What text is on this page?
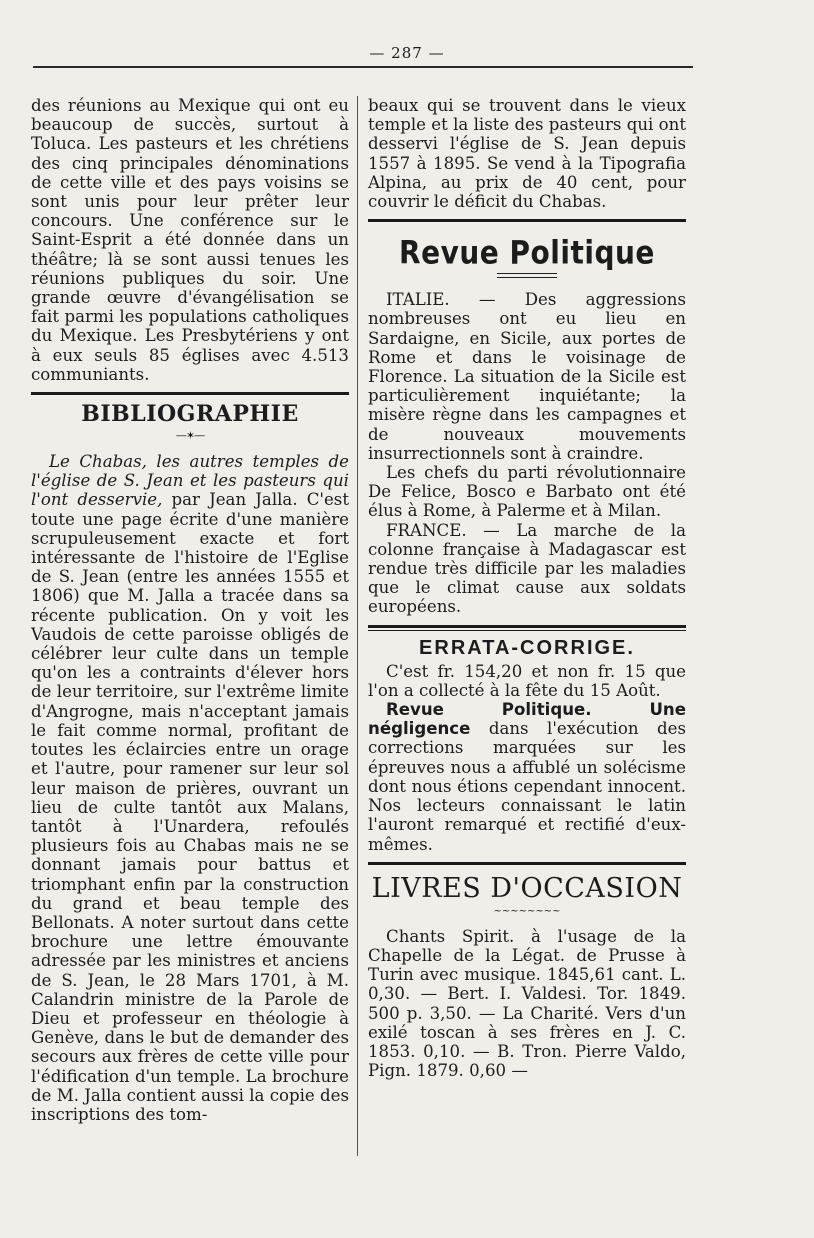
— 287 —

des réunions au Mexique qui ont eu beaucoup de succès, surtout à Toluca. Les pasteurs et les chrétiens des cinq principales dénominations de cette ville et des pays voisins se sont unis pour leur prêter leur concours. Une conférence sur le Saint-Esprit a été donnée dans un théâtre; là se sont aussi tenues les réunions publiques du soir. Une grande œuvre d'évangélisation se fait parmi les populations catholiques du Mexique. Les Presbytériens y ont à eux seuls 85 églises avec 4.513 communiants.

BIBLIOGRAPHIE
—✶—

Le Chabas, les autres temples de l'église de S. Jean et les pasteurs qui l'ont desservie, par Jean Jalla. C'est toute une page écrite d'une manière scrupuleusement exacte et fort intéressante de l'histoire de l'Eglise de S. Jean (entre les années 1555 et 1806) que M. Jalla a tracée dans sa récente publication. On y voit les Vaudois de cette paroisse obligés de célébrer leur culte dans un temple qu'on les a contraints d'élever hors de leur territoire, sur l'extrême limite d'Angrogne, mais n'acceptant jamais le fait comme normal, profitant de toutes les éclaircies entre un orage et l'autre, pour ramener sur leur sol leur maison de prières, ouvrant un lieu de culte tantôt aux Malans, tantôt à l'Unardera, refoulés plusieurs fois au Chabas mais ne se donnant jamais pour battus et triomphant enfin par la construction du grand et beau temple des Bellonats. A noter surtout dans cette brochure une lettre émouvante adressée par les ministres et anciens de S. Jean, le 28 Mars 1701, à M. Calandrin ministre de la Parole de Dieu et professeur en théologie à Genève, dans le but de demander des secours aux frères de cette ville pour l'édification d'un temple. La brochure de M. Jalla contient aussi la copie des inscriptions des tom-

beaux qui se trouvent dans le vieux temple et la liste des pasteurs qui ont desservi l'église de S. Jean depuis 1557 à 1895. Se vend à la Tipografia Alpina, au prix de 40 cent, pour couvrir le déficit du Chabas.

Revue Politique

ITALIE. — Des aggressions nombreuses ont eu lieu en Sardaigne, en Sicile, aux portes de Rome et dans le voisinage de Florence. La situation de la Sicile est particulièrement inquiétante; la misère règne dans les campagnes et de nouveaux mouvements insurrectionnels sont à craindre.

Les chefs du parti révolutionnaire De Felice, Bosco e Barbato ont été élus à Rome, à Palerme et à Milan.

FRANCE. — La marche de la colonne française à Madagascar est rendue très difficile par les maladies que le climat cause aux soldats européens.

ERRATA-CORRIGE.

C'est fr. 154,20 et non fr. 15 que l'on a collecté à la fête du 15 Août.

Revue Politique. Une négligence dans l'exécution des corrections marquées sur les épreuves nous a affublé un solécisme dont nous étions cependant innocent. Nos lecteurs connaissant le latin l'auront remarqué et rectifié d'eux-mêmes.

LIVRES D'OCCASION
~~~~~~~~

Chants Spirit. à l'usage de la Chapelle de la Légat. de Prusse à Turin avec musique. 1845,61 cant. L. 0,30. — Bert. I. Valdesi. Tor. 1849. 500 p. 3,50. — La Charité. Vers d'un exilé toscan à ses frères en J. C. 1853. 0,10. — B. Tron. Pierre Valdo, Pign. 1879. 0,60 —
